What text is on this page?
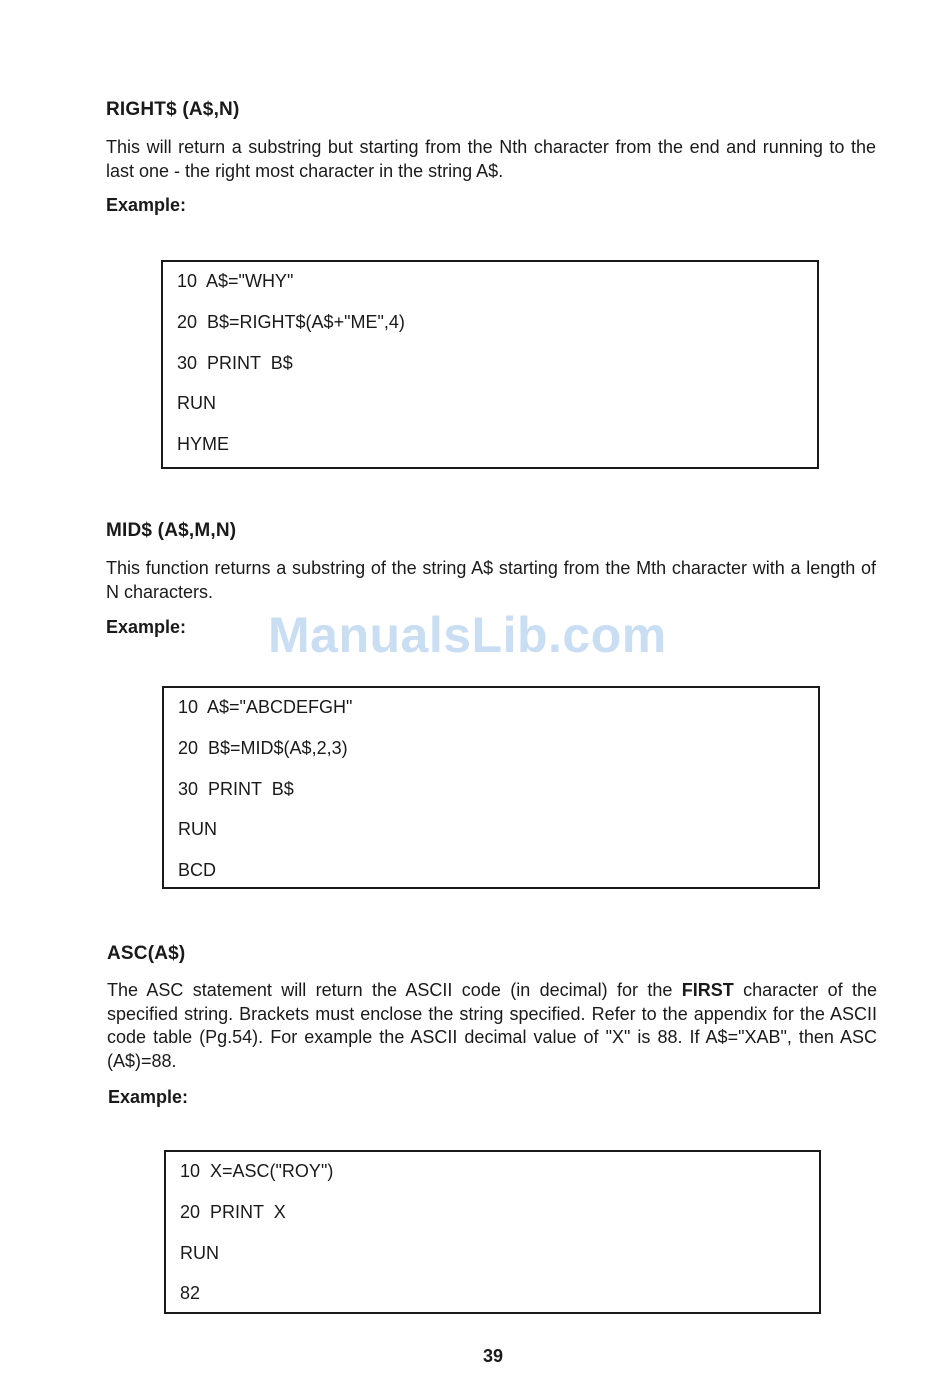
RIGHT$ (A$,N)

This will return a substring but starting from the Nth character from the end and running to the last one - the right most character in the string A$.

Example:
10  A$="WHY"
20  B$=RIGHT$(A$+"ME",4)
30  PRINT  B$
RUN
HYME
MID$ (A$,M,N)

This function returns a substring of the string A$ starting from the Mth character with a length of N characters.

Example: ManualsLib.com
10  A$="ABCDEFGH"
20  B$=MID$(A$,2,3)
30  PRINT  B$
RUN
BCD
ASC(A$)

The ASC statement will return the ASCII code (in decimal) for the FIRST character of the specified string. Brackets must enclose the string specified. Refer to the appendix for the ASCII code table (Pg.54). For example the ASCII decimal value of "X" is 88. If A$="XAB", then ASC (A$)=88.

Example:
10  X=ASC("ROY")
20  PRINT  X
RUN
82
39
